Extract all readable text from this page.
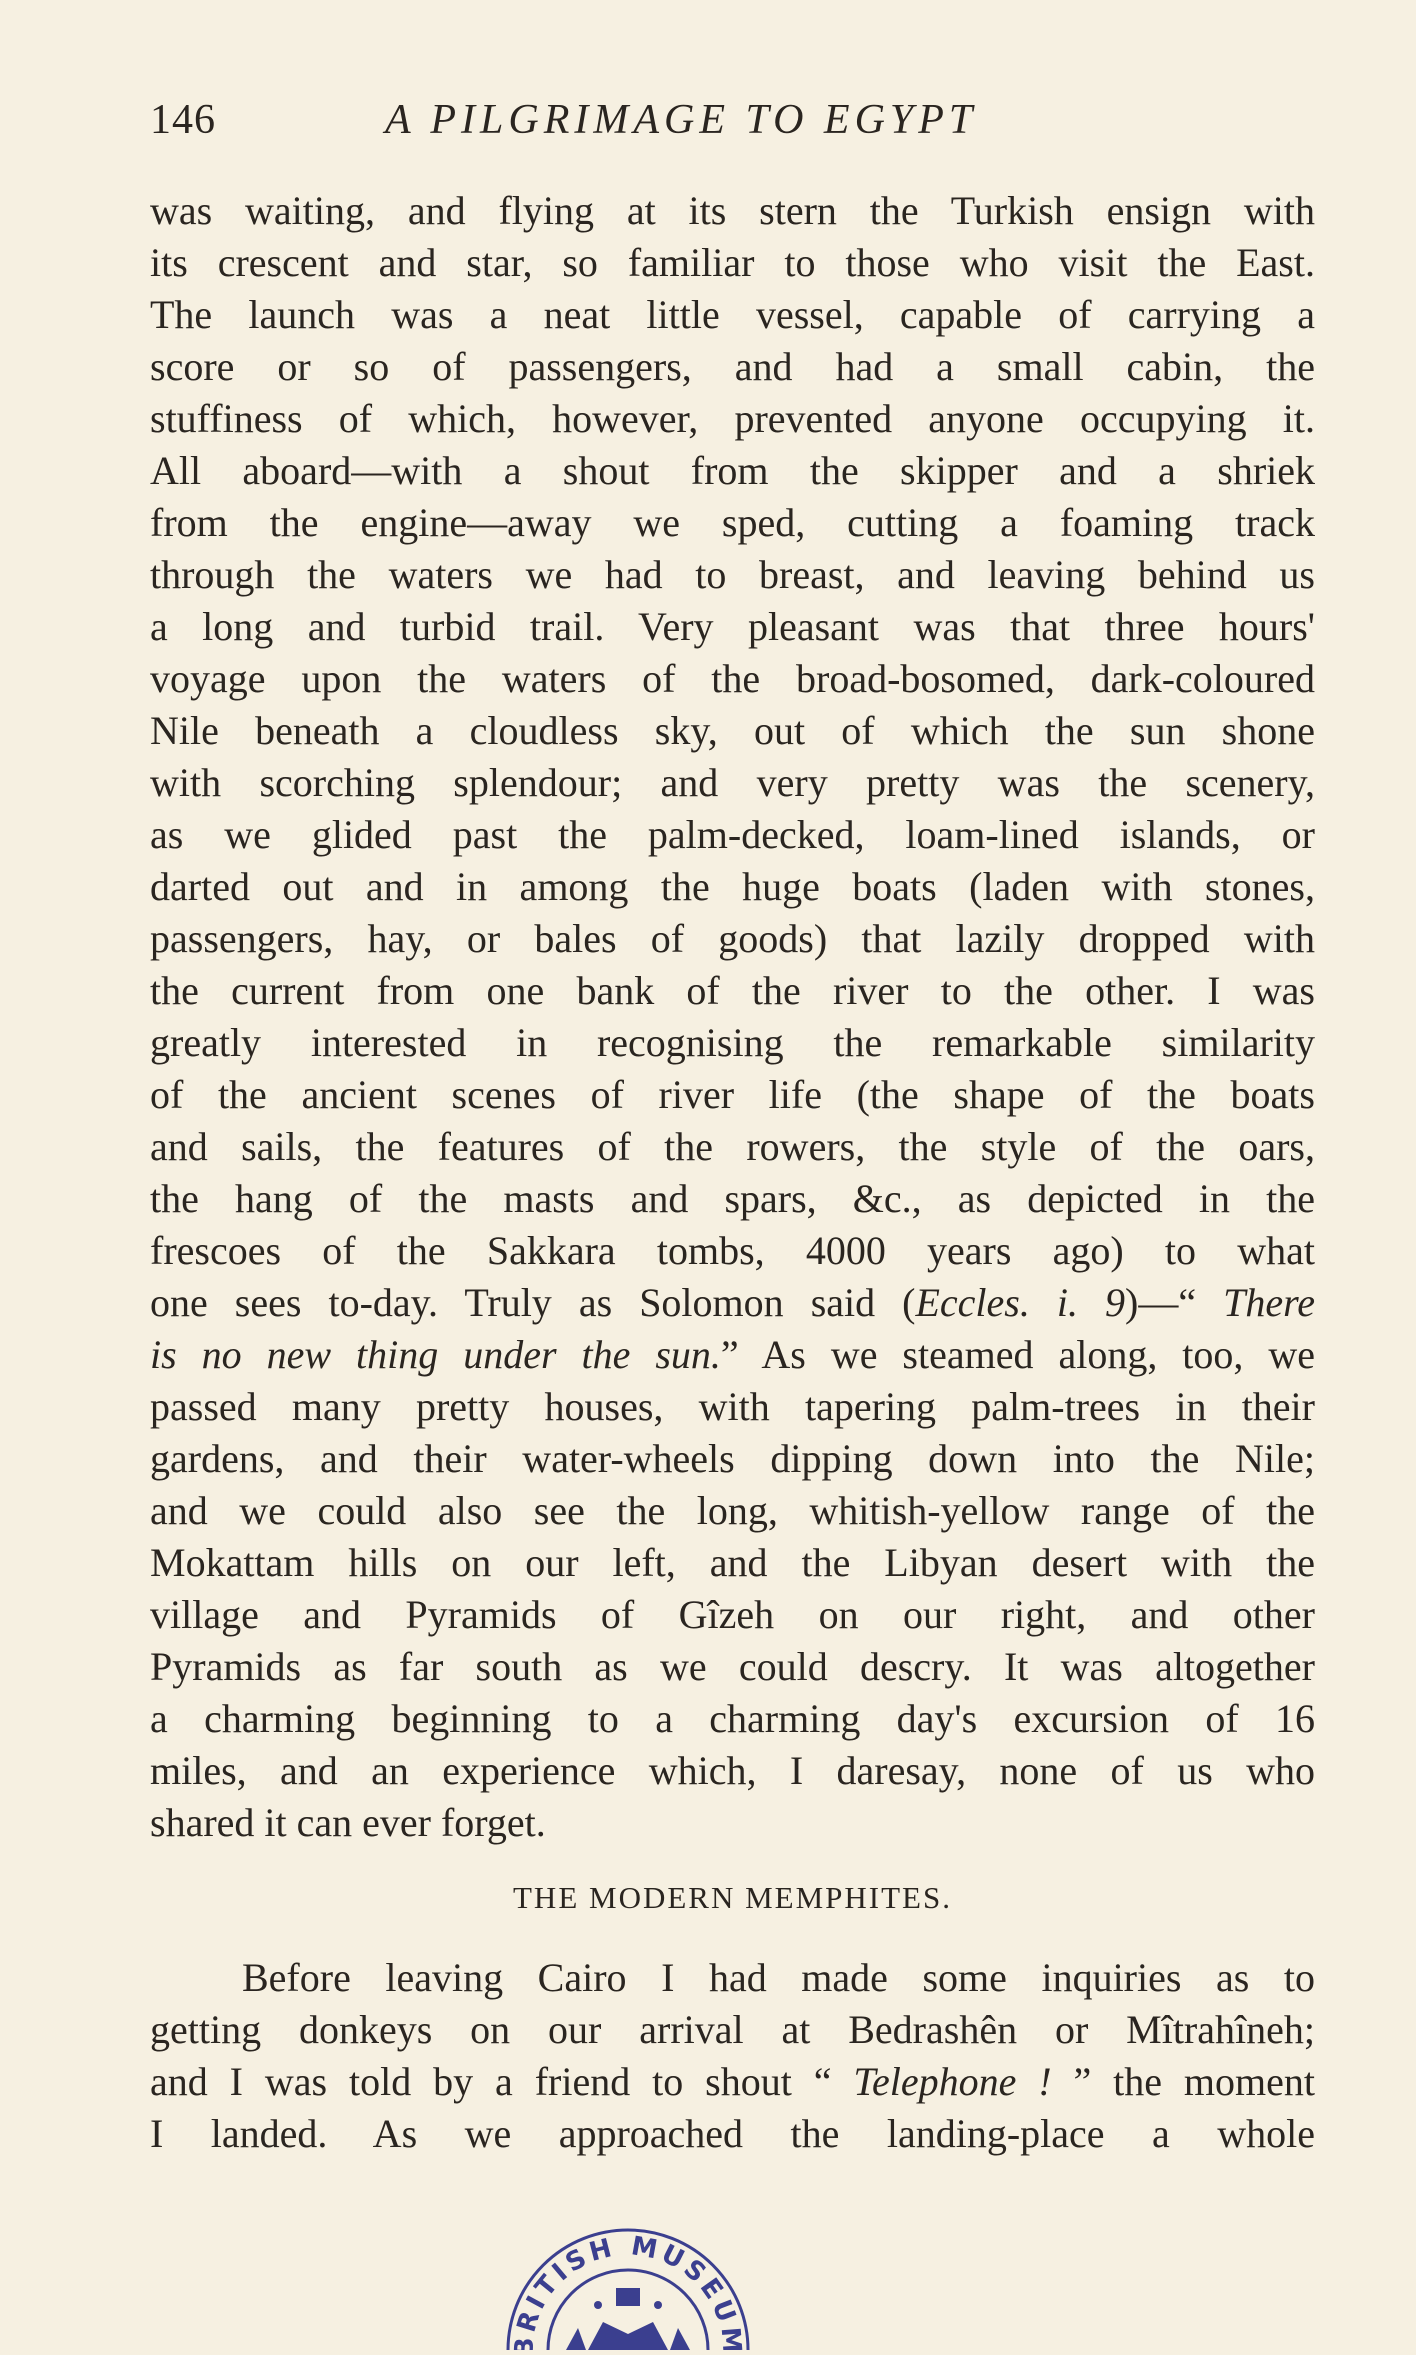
146	A PILGRIMAGE TO EGYPT
was waiting, and flying at its stern the Turkish ensign with
its crescent and star, so familiar to those who visit the East.
The launch was a neat little vessel, capable of carrying a
score or so of passengers, and had a small cabin, the
stuffiness of which, however, prevented anyone occupying it.
All aboard—with a shout from the skipper and a shriek
from the engine—away we sped, cutting a foaming track
through the waters we had to breast, and leaving behind us
a long and turbid trail. Very pleasant was that three hours'
voyage upon the waters of the broad-bosomed, dark-coloured
Nile beneath a cloudless sky, out of which the sun shone
with scorching splendour; and very pretty was the scenery,
as we glided past the palm-decked, loam-lined islands, or
darted out and in among the huge boats (laden with stones,
passengers, hay, or bales of goods) that lazily dropped with
the current from one bank of the river to the other. I was
greatly interested in recognising the remarkable similarity
of the ancient scenes of river life (the shape of the boats
and sails, the features of the rowers, the style of the oars,
the hang of the masts and spars, &c., as depicted in the
frescoes of the Sakkara tombs, 4000 years ago) to what
one sees to-day. Truly as Solomon said (Eccles. i. 9)—“ There
is no new thing under the sun.” As we steamed along, too, we
passed many pretty houses, with tapering palm-trees in their
gardens, and their water-wheels dipping down into the Nile;
and we could also see the long, whitish-yellow range of the
Mokattam hills on our left, and the Libyan desert with the
village and Pyramids of Gîzeh on our right, and other
Pyramids as far south as we could descry. It was altogether
a charming beginning to a charming day's excursion of 16
miles, and an experience which, I daresay, none of us who
shared it can ever forget.
THE MODERN MEMPHITES.
Before leaving Cairo I had made some inquiries as to
getting donkeys on our arrival at Bedrashên or Mîtrahîneh;
and I was told by a friend to shout “ Telephone ! ” the moment
I landed. As we approached the landing-place a whole
BRITISH MUSEUM
